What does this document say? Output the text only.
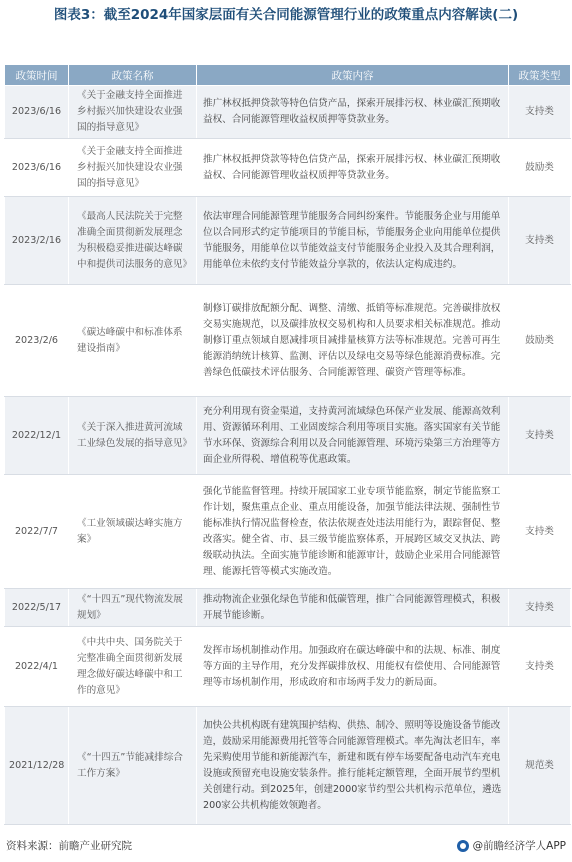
图表3：截至2024年国家层面有关合同能源管理行业的政策重点内容解读(二)
政策时间	政策名称	政策内容	政策类型
2023/6/16	《关于金融支持全面推进乡村振兴加快建设农业强国的指导意见》	推广林权抵押贷款等特色信贷产品，探索开展排污权、林业碳汇预期收益权、合同能源管理收益权质押等贷款业务。	支持类
2023/6/16	《关于金融支持全面推进乡村振兴加快建设农业强国的指导意见》	推广林权抵押贷款等特色信贷产品，探索开展排污权、林业碳汇预期收益权、合同能源管理收益权质押等贷款业务。	鼓励类
2023/2/16	《最高人民法院关于完整准确全面贯彻新发展理念 为积极稳妥推进碳达峰碳中和提供司法服务的意见》	依法审理合同能源管理节能服务合同纠纷案件。节能服务企业与用能单位以合同形式约定节能项目的节能目标，节能服务企业向用能单位提供节能服务，用能单位以节能效益支付节能服务企业投入及其合理利润，用能单位未依约支付节能效益分享款的，依法认定构成违约。	支持类
2023/2/6	《碳达峰碳中和标准体系建设指南》	制修订碳排放配额分配、调整、清缴、抵销等标准规范。完善碳排放权交易实施规范，以及碳排放权交易机构和人员要求相关标准规范。推动制修订重点领域自愿减排项目减排量核算方法等标准规范。完善可再生能源消纳统计核算、监测、评估以及绿电交易等绿色能源消费标准。完善绿色低碳技术评估服务、合同能源管理、碳资产管理等标准。	鼓励类
2022/12/1	《关于深入推进黄河流域工业绿色发展的指导意见》	充分利用现有资金渠道，支持黄河流域绿色环保产业发展、能源高效利用、资源循环利用、工业固废综合利用等项目实施。落实国家有关节能节水环保、资源综合利用以及合同能源管理、环境污染第三方治理等方面企业所得税、增值税等优惠政策。	支持类
2022/7/7	《工业领域碳达峰实施方案》	强化节能监督管理。持续开展国家工业专项节能监察，制定节能监察工作计划，聚焦重点企业、重点用能设备，加强节能法律法规、强制性节能标准执行情况监督检查，依法依规查处违法用能行为，跟踪督促、整改落实。健全省、市、县三级节能监察体系，开展跨区域交叉执法、跨级联动执法。全面实施节能诊断和能源审计，鼓励企业采用合同能源管理、能源托管等模式实施改造。	支持类
2022/5/17	《“十四五”现代物流发展规划》	推动物流企业强化绿色节能和低碳管理，推广合同能源管理模式，积极开展节能诊断。	支持类
2022/4/1	《中共中央、国务院关于完整准确全面贯彻新发展理念做好碳达峰碳中和工作的意见》	发挥市场机制推动作用。加强政府在碳达峰碳中和的法规、标准、制度等方面的主导作用，充分发挥碳排放权、用能权有偿使用、合同能源管理等市场机制作用，形成政府和市场两手发力的新局面。	支持类
2021/12/28	《“十四五”节能减排综合工作方案》	加快公共机构既有建筑围护结构、供热、制冷、照明等设施设备节能改造，鼓励采用能源费用托管等合同能源管理模式。率先淘汰老旧车，率先采购使用节能和新能源汽车，新建和既有停车场要配备电动汽车充电设施或预留充电设施安装条件。推行能耗定额管理，全面开展节约型机关创建行动。到2025年，创建2000家节约型公共机构示范单位，遴选200家公共机构能效领跑者。	规范类
资料来源：前瞻产业研究院	@前瞻经济学人APP
